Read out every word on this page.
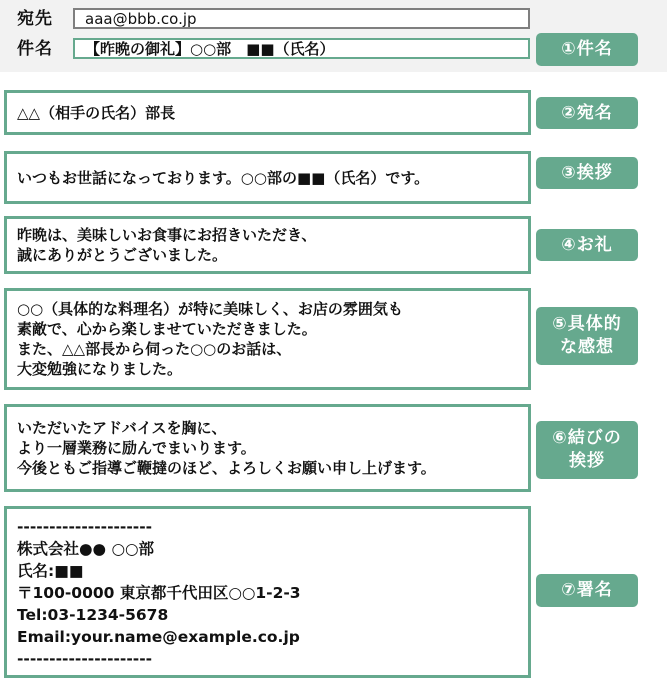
宛先	aaa@bbb.co.jp
件名	【昨晩の御礼】○○部　■■（氏名）	①件名
②宛名
③挨拶
④お礼
⑤具体的
な感想
⑥結びの
挨拶
⑦署名
△△（相手の氏名）部長
いつもお世話になっております。○○部の■■（氏名）です。
昨晩は、美味しいお食事にお招きいただき、
誠にありがとうございました。
○○（具体的な料理名）が特に美味しく、お店の雰囲気も
素敵で、心から楽しませていただきました。
また、△△部長から伺った○○のお話は、
大変勉強になりました。
いただいたアドバイスを胸に、
より一層業務に励んでまいります。
今後ともご指導ご鞭撻のほど、よろしくお願い申し上げます。
---------------------
株式会社●● ○○部
氏名:■■
〒100-0000 東京都千代田区○○1-2-3
Tel:03-1234-5678
Email:your.name@example.co.jp
---------------------
